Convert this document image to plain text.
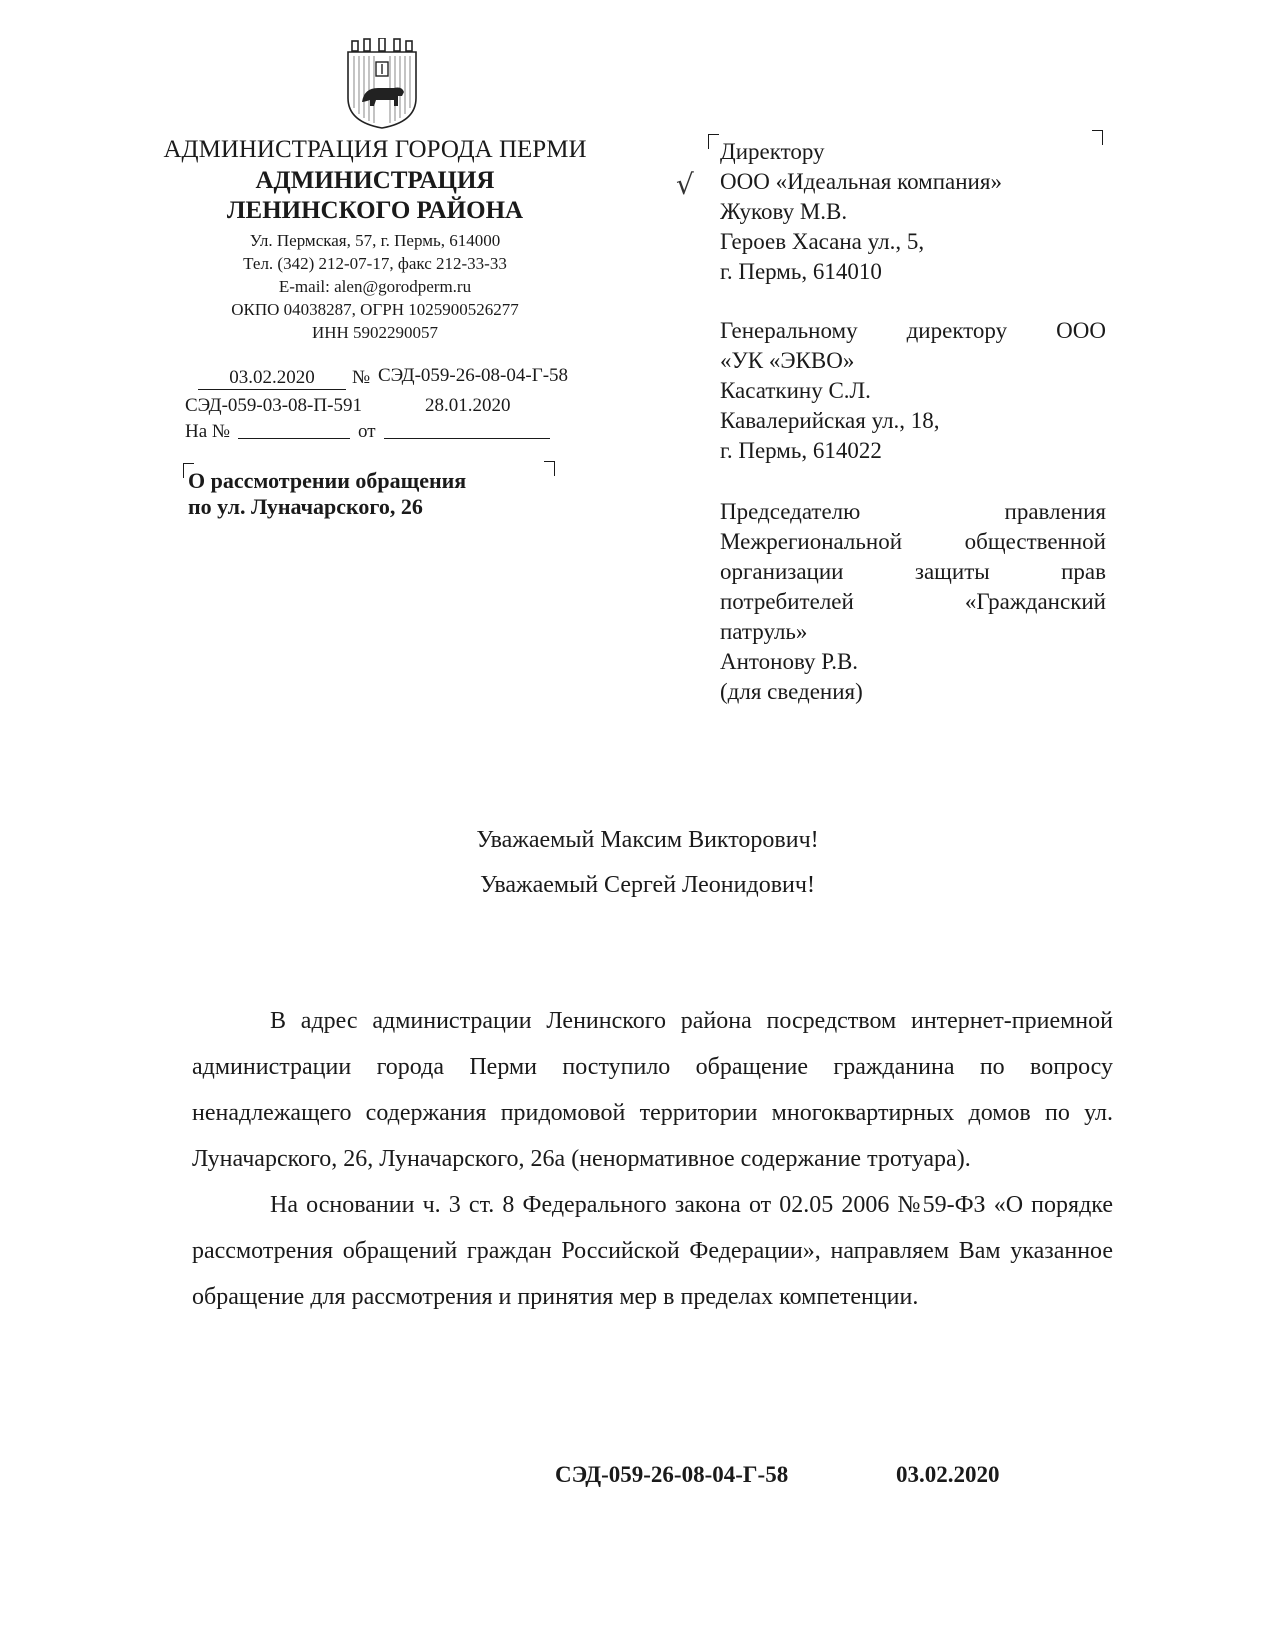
АДМИНИСТРАЦИЯ ГОРОДА ПЕРМИ
АДМИНИСТРАЦИЯ
ЛЕНИНСКОГО РАЙОНА
Ул. Пермская, 57, г. Пермь, 614000
Тел. (342) 212-07-17, факс 212-33-33
E-mail: alen@gorodperm.ru
ОКПО 04038287, ОГРН 1025900526277
ИНН 5902290057
03.02.2020	№ СЭД-059-26-08-04-Г-58
СЭД-059-03-08-П-591	28.01.2020
На №	от
О рассмотрении обращения
по ул. Луначарского, 26
√

Директору

ООО «Идеальная компания»

Жукову М.В.

Героев Хасана ул., 5,

г. Пермь, 614010

Генеральному директору ООО

«УК «ЭКВО»

Касаткину С.Л.

Кавалерийская ул., 18,

г. Пермь, 614022

Председателю правления

Межрегиональной общественной

организации защиты прав

потребителей «Гражданский

патруль»

Антонову Р.В.

(для сведения)

Уважаемый Максим Викторович!
Уважаемый Сергей Леонидович!

В адрес администрации Ленинского района посредством интернет-приемной администрации города Перми поступило обращение гражданина по вопросу ненадлежащего содержания придомовой территории многоквартирных домов по ул. Луначарского, 26, Луначарского, 26а (ненормативное содержание тротуара).

На основании ч. 3 ст. 8 Федерального закона от 02.05 2006 №59-ФЗ «О порядке рассмотрения обращений граждан Российской Федерации», направляем Вам указанное обращение для рассмотрения и принятия мер в пределах компетенции.

СЭД-059-26-08-04-Г-58	03.02.2020
